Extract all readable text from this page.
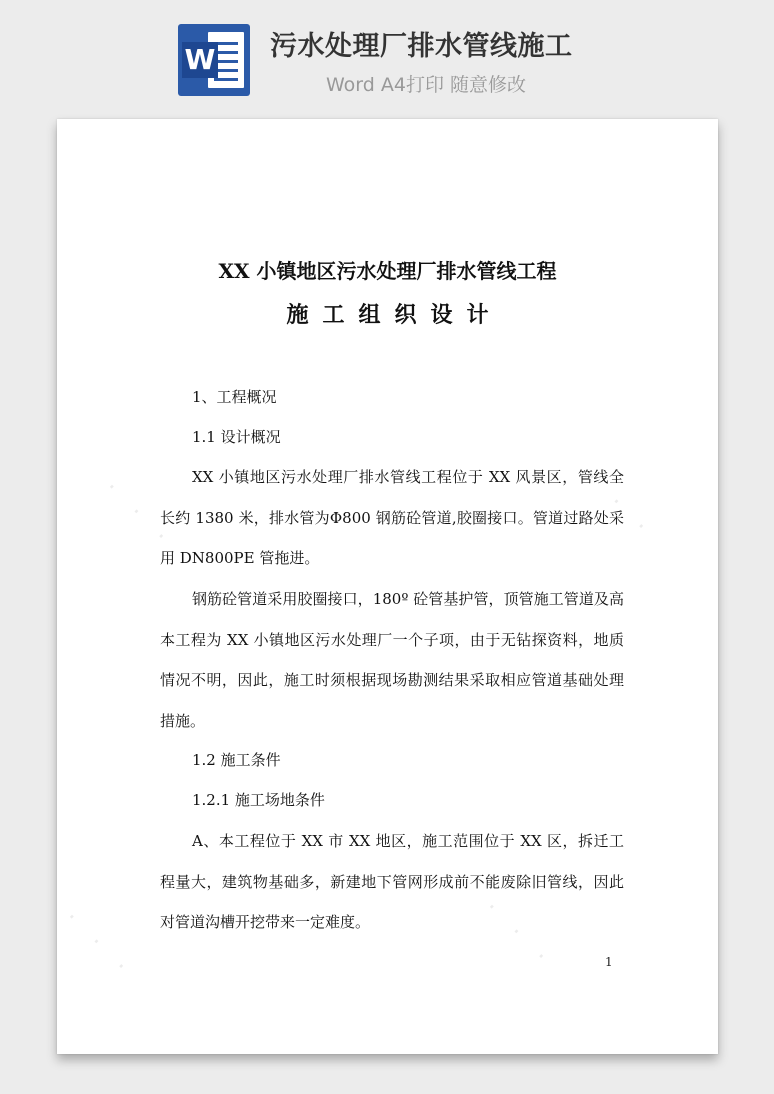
W 污水处理厂排水管线施工
Word A4打印 随意修改
·  ·  ·	·  ·  ·
·  ·  ·	·  ·  ·
XX 小镇地区污水处理厂排水管线工程
施工组织设计

1、工程概况

1.1 设计概况

XX 小镇地区污水处理厂排水管线工程位于 XX 风景区，管线全长约 1380 米，排水管为Φ800 钢筋砼管道,胶圈接口。管道过路处采用 DN800PE 管拖进。

钢筋砼管道采用胶圈接口，180º 砼管基护管，顶管施工管道及高本工程为 XX 小镇地区污水处理厂一个子项，由于无钻探资料，地质情况不明，因此，施工时须根据现场勘测结果采取相应管道基础处理措施。

1.2 施工条件

1.2.1 施工场地条件

A、本工程位于 XX 市 XX 地区，施工范围位于 XX 区，拆迁工程量大，建筑物基础多，新建地下管网形成前不能废除旧管线，因此对管道沟槽开挖带来一定难度。

1
